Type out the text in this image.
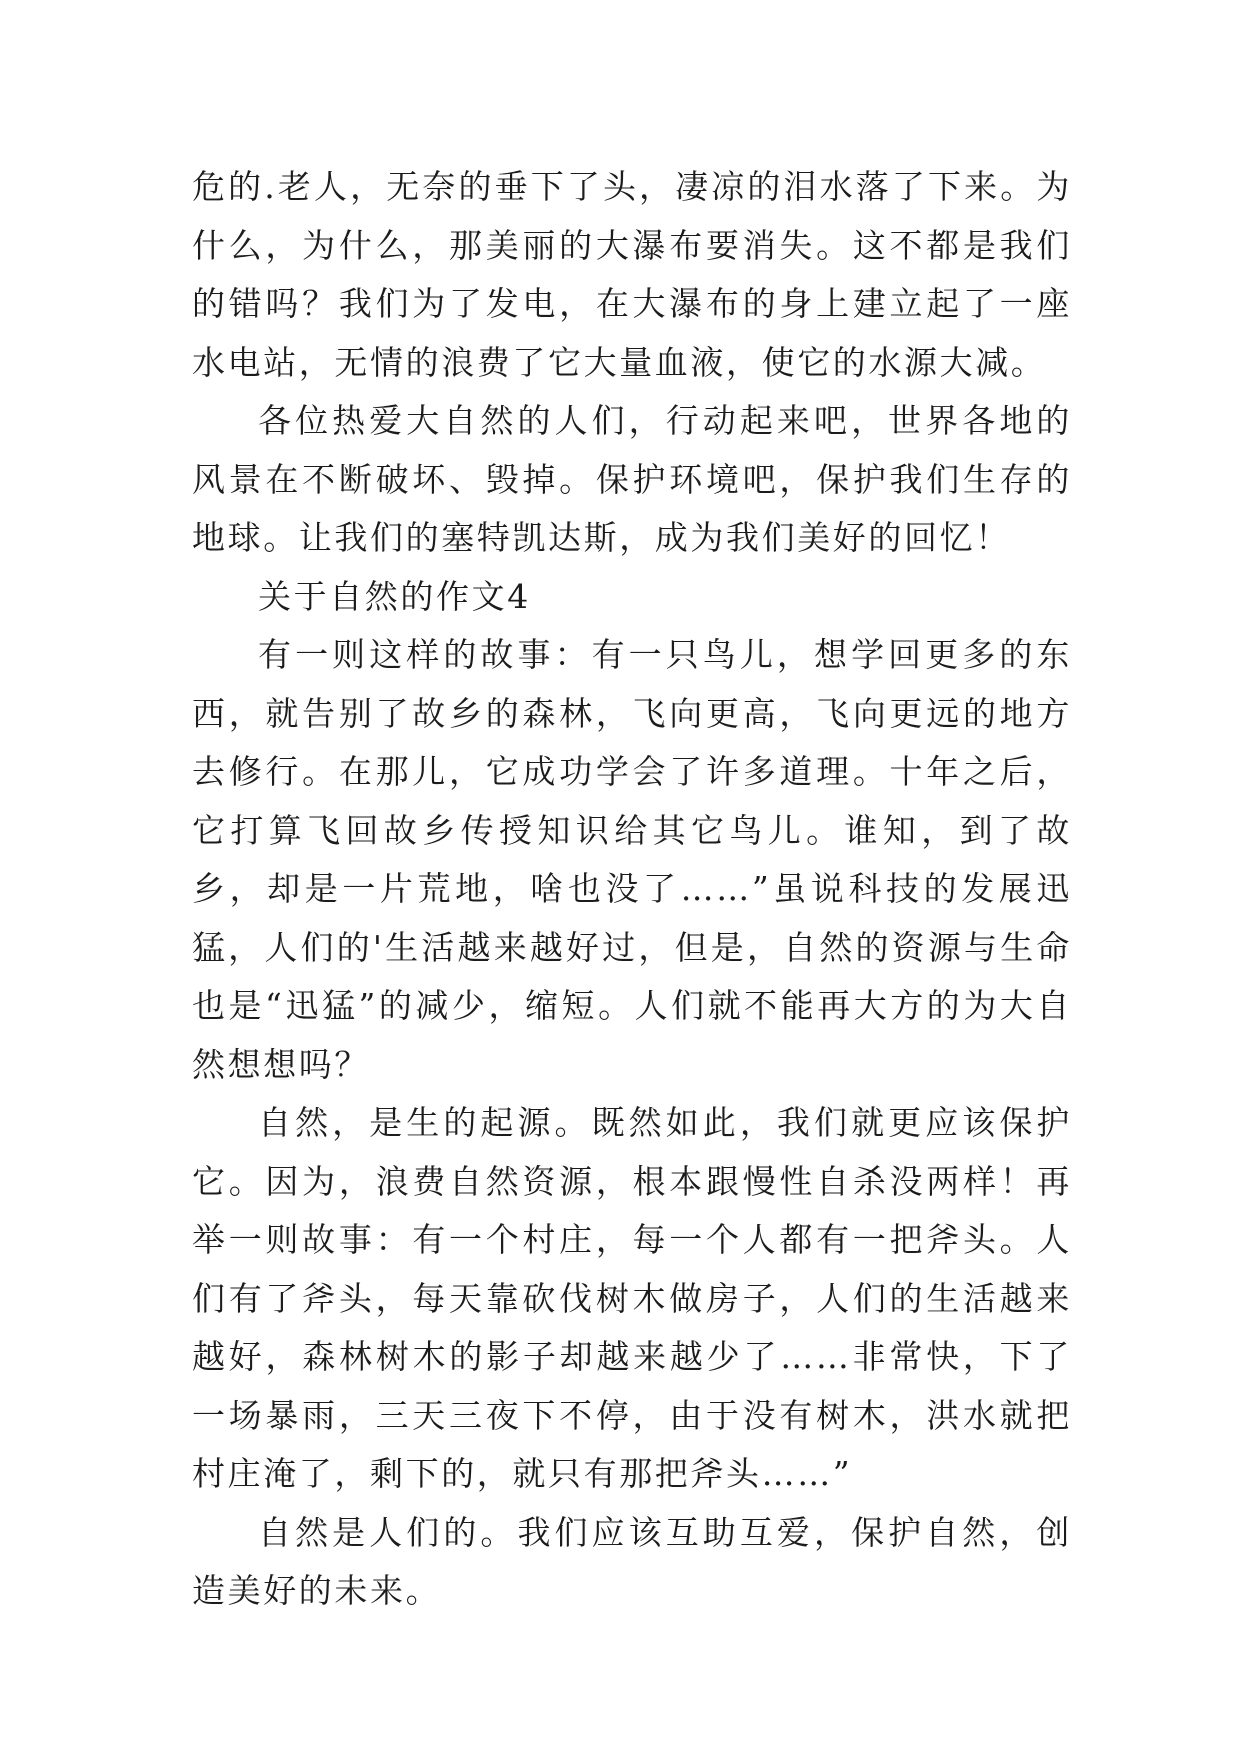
危的.老人，无奈的垂下了头，凄凉的泪水落了下来。为什么，为什么，那美丽的大瀑布要消失。这不都是我们的错吗？我们为了发电，在大瀑布的身上建立起了一座水电站，无情的浪费了它大量血液，使它的水源大减。

各位热爱大自然的人们，行动起来吧，世界各地的风景在不断破坏、毁掉。保护环境吧，保护我们生存的地球。让我们的塞特凯达斯，成为我们美好的回忆！

关于自然的作文4

有一则这样的故事：有一只鸟儿，想学回更多的东西，就告别了故乡的森林，飞向更高，飞向更远的地方去修行。在那儿，它成功学会了许多道理。十年之后，它打算飞回故乡传授知识给其它鸟儿。谁知，到了故乡，却是一片荒地，啥也没了……”虽说科技的发展迅猛，人们的'生活越来越好过，但是，自然的资源与生命也是“迅猛”的减少，缩短。人们就不能再大方的为大自然想想吗？

自然，是生的起源。既然如此，我们就更应该保护它。因为，浪费自然资源，根本跟慢性自杀没两样！再举一则故事：有一个村庄，每一个人都有一把斧头。人们有了斧头，每天靠砍伐树木做房子，人们的生活越来越好，森林树木的影子却越来越少了……非常快，下了一场暴雨，三天三夜下不停，由于没有树木，洪水就把村庄淹了，剩下的，就只有那把斧头……”

自然是人们的。我们应该互助互爱，保护自然，创造美好的未来。
